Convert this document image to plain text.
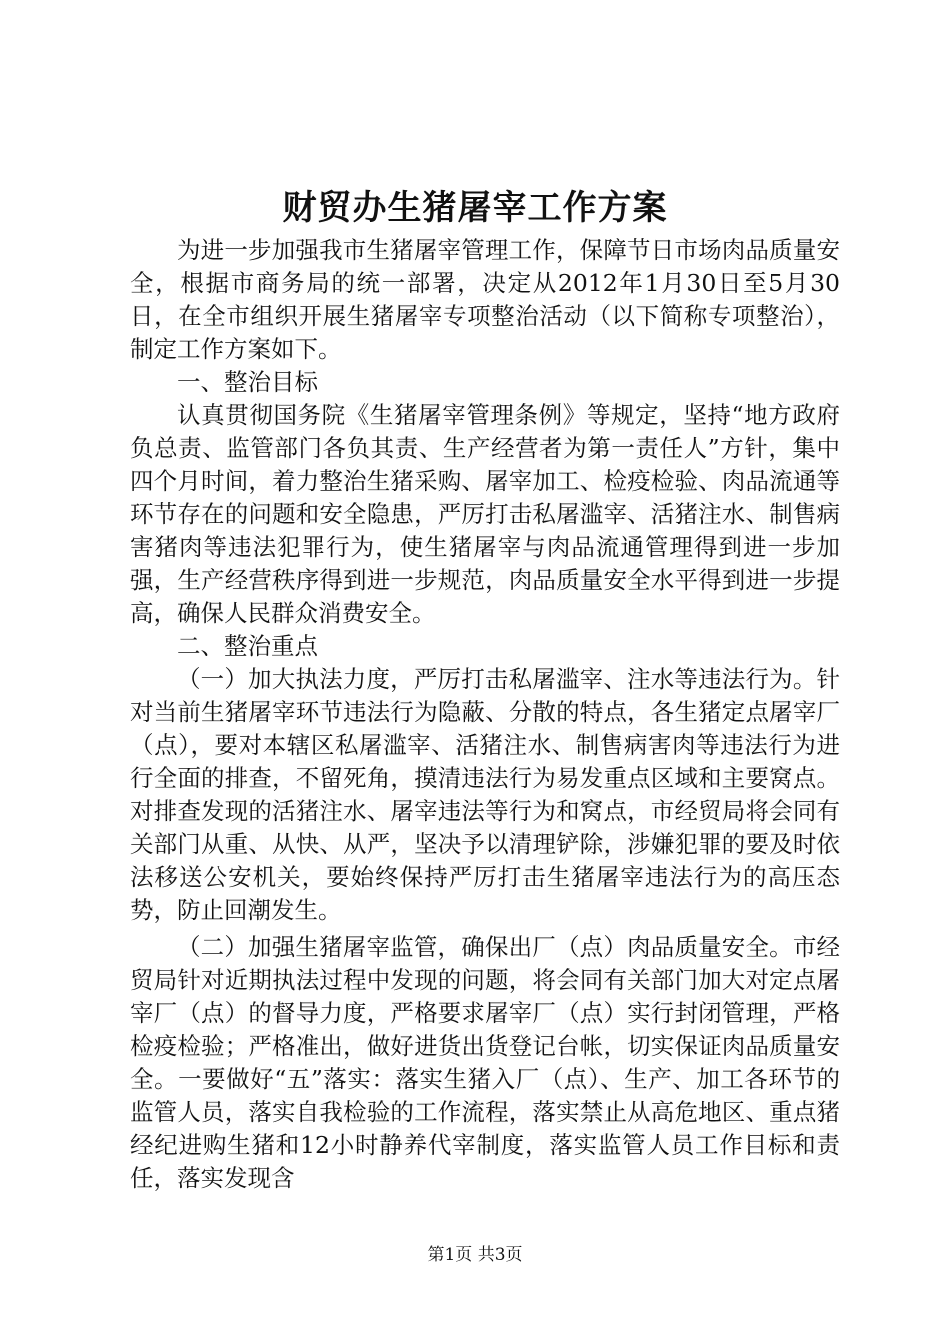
财贸办生猪屠宰工作方案

为进一步加强我市生猪屠宰管理工作，保障节日市场肉品质量安全，根据市商务局的统一部署，决定从2012年1月30日至5月30日，在全市组织开展生猪屠宰专项整治活动（以下简称专项整治），制定工作方案如下。

一、整治目标

认真贯彻国务院《生猪屠宰管理条例》等规定，坚持“地方政府负总责、监管部门各负其责、生产经营者为第一责任人”方针，集中四个月时间，着力整治生猪采购、屠宰加工、检疫检验、肉品流通等环节存在的问题和安全隐患，严厉打击私屠滥宰、活猪注水、制售病害猪肉等违法犯罪行为，使生猪屠宰与肉品流通管理得到进一步加强，生产经营秩序得到进一步规范，肉品质量安全水平得到进一步提高，确保人民群众消费安全。

二、整治重点

（一）加大执法力度，严厉打击私屠滥宰、注水等违法行为。针对当前生猪屠宰环节违法行为隐蔽、分散的特点，各生猪定点屠宰厂（点），要对本辖区私屠滥宰、活猪注水、制售病害肉等违法行为进行全面的排查，不留死角，摸清违法行为易发重点区域和主要窝点。对排查发现的活猪注水、屠宰违法等行为和窝点，市经贸局将会同有关部门从重、从快、从严，坚决予以清理铲除，涉嫌犯罪的要及时依法移送公安机关，要始终保持严厉打击生猪屠宰违法行为的高压态势，防止回潮发生。

（二）加强生猪屠宰监管，确保出厂（点）肉品质量安全。市经贸局针对近期执法过程中发现的问题，将会同有关部门加大对定点屠宰厂（点）的督导力度，严格要求屠宰厂（点）实行封闭管理，严格检疫检验；严格准出，做好进货出货登记台帐，切实保证肉品质量安全。一要做好“五”落实：落实生猪入厂（点）、生产、加工各环节的监管人员，落实自我检验的工作流程，落实禁止从高危地区、重点猪经纪进购生猪和12小时静养代宰制度，落实监管人员工作目标和责任，落实发现含

第1页 共3页
